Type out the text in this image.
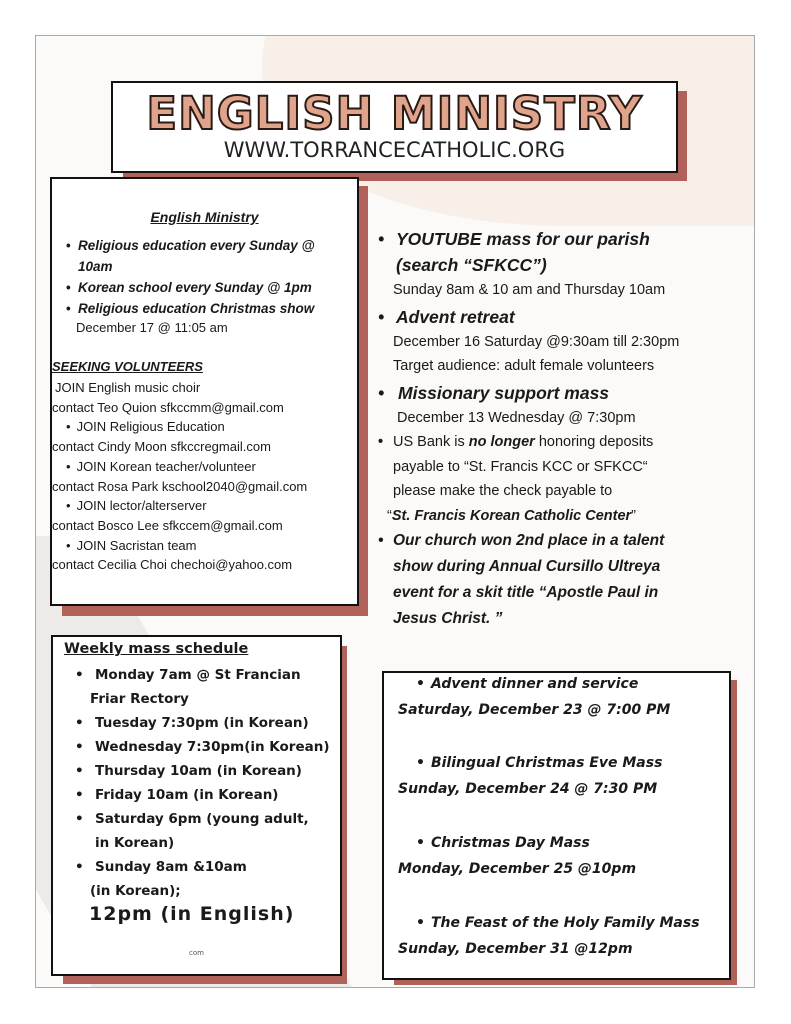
ENGLISH MINISTRY
WWW.TORRANCECATHOLIC.ORG
English Ministry
• Religious education every Sunday @ 10am
• Korean school every Sunday @ 1pm
• Religious education Christmas show
December 17 @ 11:05 am
SEEKING VOLUNTEERS
JOIN English music choir
contact Teo Quion sfkccmm@gmail.com
• JOIN Religious Education
contact Cindy Moon sfkccregmail.com
• JOIN Korean teacher/volunteer
contact Rosa Park kschool2040@gmail.com
• JOIN lector/alterserver
contact Bosco Lee sfkccem@gmail.com
• JOIN Sacristan team
contact Cecilia Choi chechoi@yahoo.com
• YOUTUBE mass for our parish
(search “SFKCC”)
Sunday 8am & 10 am and Thursday 10am
• Advent retreat
December 16 Saturday @9:30am till 2:30pm
Target audience: adult female volunteers
• Missionary support mass
December 13 Wednesday @ 7:30pm
• US Bank is no longer honoring deposits
payable to “St. Francis KCC or SFKCC“
please make the check payable to
“St. Francis Korean Catholic Center”
• Our church won 2nd place in a talent
show during Annual Cursillo Ultreya
event for a skit title “Apostle Paul in
Jesus Christ. ”
Weekly mass schedule
• Monday 7am @ St Francian
Friar Rectory
• Tuesday 7:30pm (in Korean)
• Wednesday 7:30pm(in Korean)
• Thursday 10am (in Korean)
• Friday 10am (in Korean)
• Saturday 6pm (young adult,
in Korean)
• Sunday 8am &10am
(in Korean);
12pm (in English)
com
• Advent dinner and service
Saturday, December 23 @ 7:00 PM
• Bilingual Christmas Eve Mass
Sunday, December 24 @ 7:30 PM
• Christmas Day Mass
Monday, December 25 @10pm
• The Feast of the Holy Family Mass
Sunday, December 31 @12pm
